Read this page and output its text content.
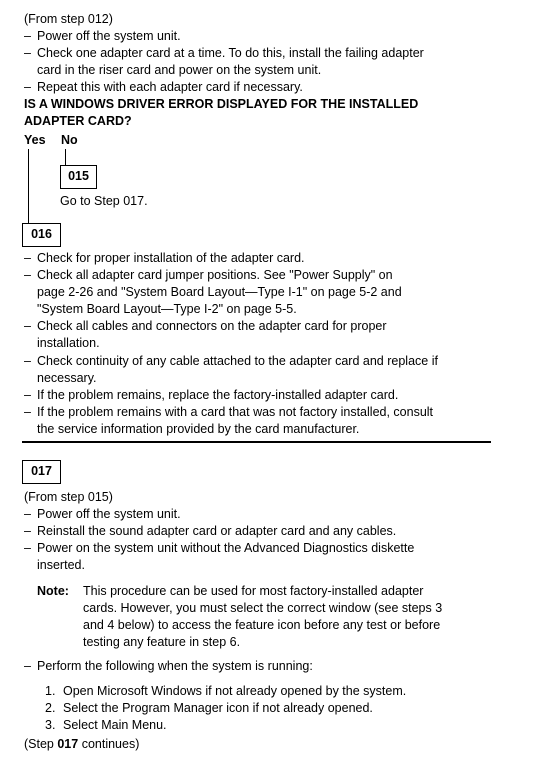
(From step 012)
– Power off the system unit.
– Check one adapter card at a time. To do this, install the failing adapter
card in the riser card and power on the system unit.
– Repeat this with each adapter card if necessary.
IS A WINDOWS DRIVER ERROR DISPLAYED FOR THE INSTALLED
ADAPTER CARD?
Yes No
015
Go to Step 017.
016
– Check for proper installation of the adapter card.
– Check all adapter card jumper positions. See "Power Supply" on
page 2-26 and "System Board Layout—Type I-1" on page 5-2 and
"System Board Layout—Type I-2" on page 5-5.
– Check all cables and connectors on the adapter card for proper
installation.
– Check continuity of any cable attached to the adapter card and replace if
necessary.
– If the problem remains, replace the factory-installed adapter card.
– If the problem remains with a card that was not factory installed, consult
the service information provided by the card manufacturer.
017
(From step 015)
– Power off the system unit.
– Reinstall the sound adapter card or adapter card and any cables.
– Power on the system unit without the Advanced Diagnostics diskette
inserted.
Note: This procedure can be used for most factory-installed adapter
cards. However, you must select the correct window (see steps 3
and 4 below) to access the feature icon before any test or before
testing any feature in step 6.
– Perform the following when the system is running:
1. Open Microsoft Windows if not already opened by the system.
2. Select the Program Manager icon if not already opened.
3. Select Main Menu.
(Step 017 continues)
